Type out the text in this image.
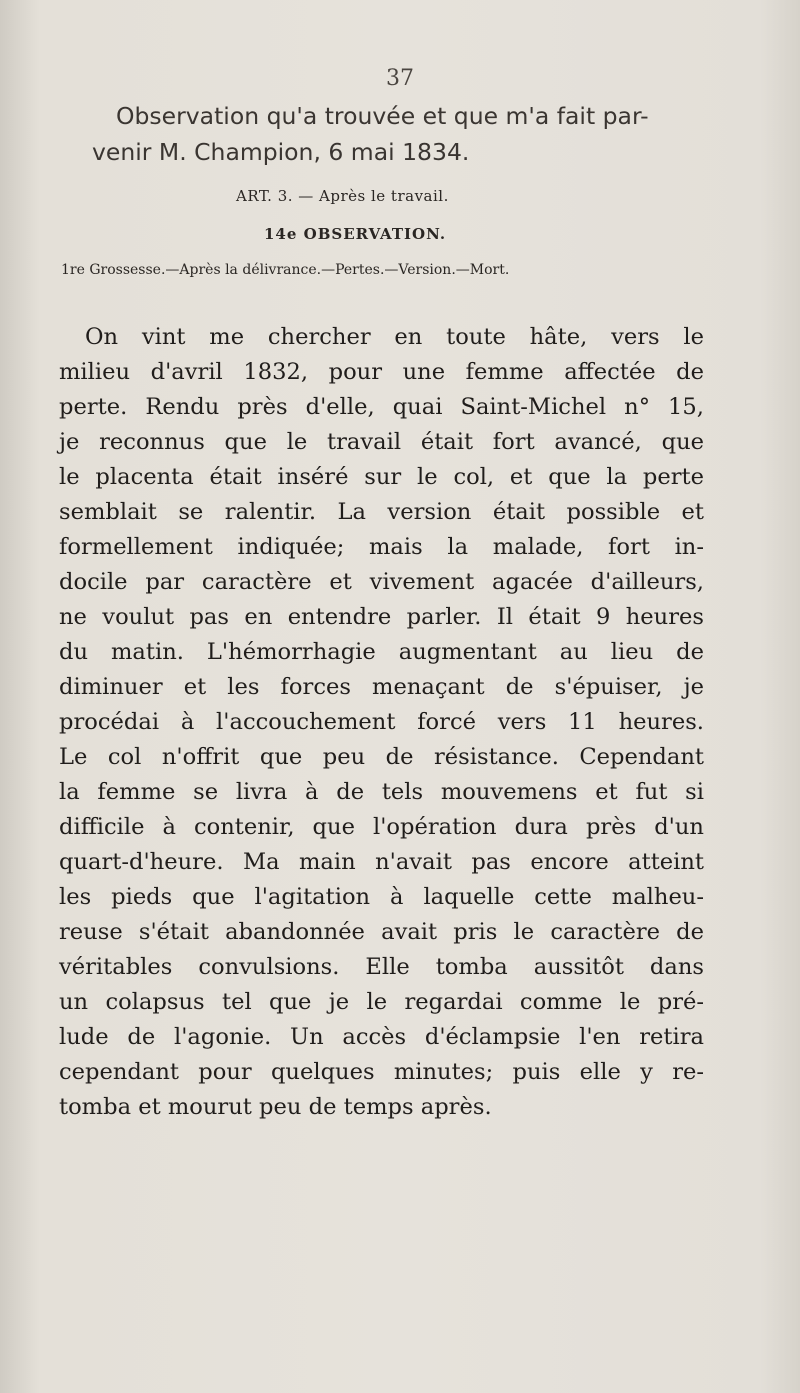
37

Observation qu'a trouvée et que m'a fait par-

venir M. Champion, 6 mai 1834.

ART. 3. — Après le travail.
14e OBSERVATION.
1re Grossesse.—Après la délivrance.—Pertes.—Version.—Mort.
On vint me chercher en toute hâte, vers le
milieu d'avril 1832, pour une femme affectée de
perte. Rendu près d'elle, quai Saint-Michel n° 15,
je reconnus que le travail était fort avancé, que
le placenta était inséré sur le col, et que la perte
semblait se ralentir. La version était possible et
formellement indiquée; mais la malade, fort in-
docile par caractère et vivement agacée d'ailleurs,
ne voulut pas en entendre parler. Il était 9 heures
du matin. L'hémorrhagie augmentant au lieu de
diminuer et les forces menaçant de s'épuiser, je
procédai à l'accouchement forcé vers 11 heures.
Le col n'offrit que peu de résistance. Cependant
la femme se livra à de tels mouvemens et fut si
difficile à contenir, que l'opération dura près d'un
quart-d'heure. Ma main n'avait pas encore atteint
les pieds que l'agitation à laquelle cette malheu-
reuse s'était abandonnée avait pris le caractère de
véritables convulsions. Elle tomba aussitôt dans
un colapsus tel que je le regardai comme le pré-
lude de l'agonie. Un accès d'éclampsie l'en retira
cependant pour quelques minutes; puis elle y re-
tomba et mourut peu de temps après.
